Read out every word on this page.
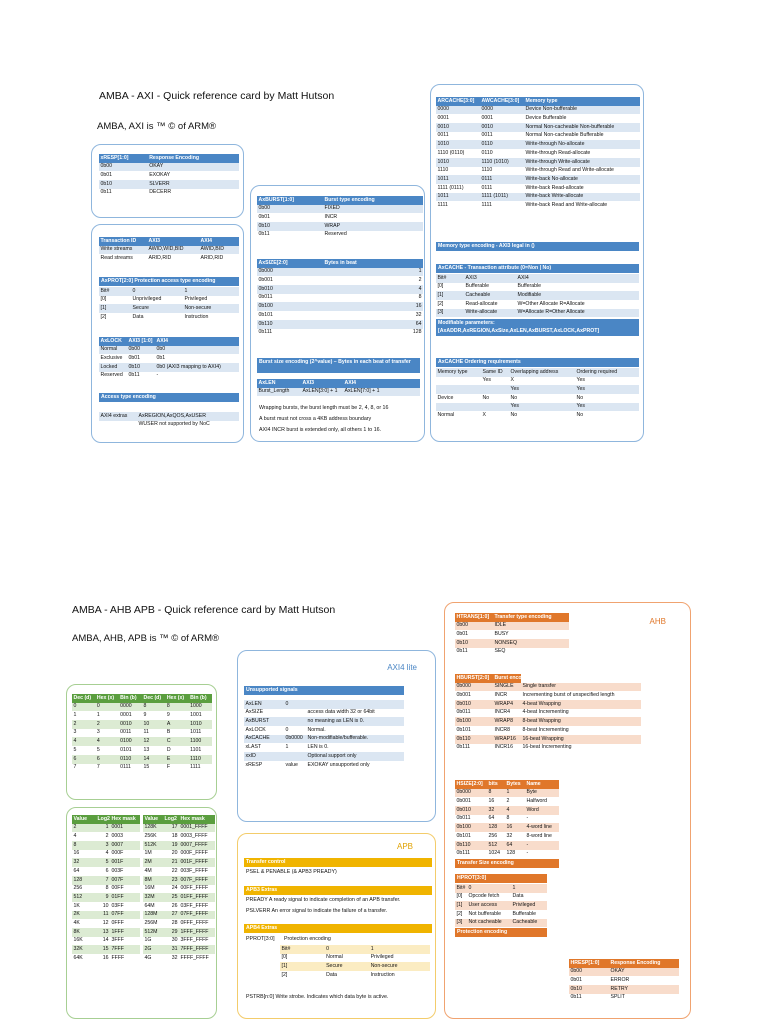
AMBA - AXI - Quick reference card by Matt Hutson
AMBA, AXI is ™ © of ARM®
xRESP[1:0]	Response Encoding
0b00	OKAY
0b01	EXOKAY
0b10	SLVERR
0b11	DECERR
Transaction ID	AXI3	AXI4
Write streams	AWID,WID,BID	AWID,BID
Read streams	ARID,RID	ARID,RID
AxPROT[2:0] Protection access type encoding
Bit#	0	1
[0]	Unprivileged	Privileged
[1]	Secure	Non-secure
[2]	Data	Instruction
AxLOCK	AXI3 [1:0]	AXI4
Normal	0b00	0b0
Exclusive	0b01	0b1
Locked	0b10	0b0 (AXI3 mapping to AXI4)
Reserved	0b11	-
Access type encoding
AXI4 extras	AxREGION,AxQOS,AxUSER
	WUSER not supported by NoC
AxBURST[1:0]	Burst type encoding
0b00	FIXED
0b01	INCR
0b10	WRAP
0b11	Reserved
AxSIZE[2:0]	Bytes in beat
0b000	1
0b001	2
0b010	4
0b011	8
0b100	16
0b101	32
0b110	64
0b111	128
Burst size encoding (2^value) – Bytes in each beat of transfer
AxLEN	AXI3	AXI4
Burst_Length	AxLEN[3:0] + 1	AxLEN[7:0] + 1
Wrapping bursts, the burst length must be 2, 4, 8, or 16
A burst must not cross a 4KB address boundary
AXI4 INCR burst is extended only, all others 1 to 16.
ARCACHE[3:0]	AWCACHE[3:0]	Memory type
0000	0000	Device Non-bufferable
0001	0001	Device Bufferable
0010	0010	Normal Non-cacheable Non-bufferable
0011	0011	Normal Non-cacheable Bufferable
1010	0110	Write-through No-allocate
1110 (0110)	0110	Write-through Read-allocate
1010	1110 (1010)	Write-through Write-allocate
1110	1110	Write-through Read and Write-allocate
1011	0111	Write-back No-allocate
1111 (0111)	0111	Write-back Read-allocate
1011	1111 (1011)	Write-back Write-allocate
1111	1111	Write-back Read and Write-allocate
Memory type encoding - AXI3 legal in ()
AxCACHE - Transaction attribute (0=Non | No)
Bit#	AXI3	AXI4
[0]	Bufferable	Bufferable
[1]	Cacheable	Modifiable
[2]	Read-allocate	W=Other Allocate R=Allocate
[3]	Write-allocate	W=Allocate R=Other Allocate
Modifiable parameters:
[AxADDR,AxREGION,AxSize,AxLEN,AxBURST,AxLOCK,AxPROT]
AxCACHE Ordering requirements
Memory type	Same ID	Overlapping address	Ordering required
	Yes	X	Yes
		Yes	Yes
Device	No	No	No
		Yes	Yes
Normal	X	No	No
AMBA - AHB APB - Quick reference card by Matt Hutson
AMBA, AHB, APB is ™ © of ARM®
Dec (d)	Hex (x)	Bin (b)	Dec (d)	Hex (x)	Bin (b)
0	0	0000	8	8	1000
1	1	0001	9	9	1001
2	2	0010	10	A	1010
3	3	0011	11	B	1011
4	4	0100	12	C	1100
5	5	0101	13	D	1101
6	6	0110	14	E	1110
7	7	0111	15	F	1111
Value	Log2	Hex mask
2	1	0001
4	2	0003
8	3	0007
16	4	000F
32	5	001F
64	6	003F
128	7	007F
256	8	00FF
512	9	01FF
1K	10	03FF
2K	11	07FF
4K	12	0FFF
8K	13	1FFF
16K	14	3FFF
32K	15	7FFF
64K	16	FFFF
Value	Log2	Hex mask
128K	17	0001_FFFF
256K	18	0003_FFFF
512K	19	0007_FFFF
1M	20	000F_FFFF
2M	21	001F_FFFF
4M	22	003F_FFFF
8M	23	007F_FFFF
16M	24	00FF_FFFF
32M	25	01FF_FFFF
64M	26	03FF_FFFF
128M	27	07FF_FFFF
256M	28	0FFF_FFFF
512M	29	1FFF_FFFF
1G	30	3FFF_FFFF
2G	31	7FFF_FFFF
4G	32	FFFF_FFFF
AXI4 lite
Unsupported signals
AxLEN	0	
AxSIZE		access data width 32 or 64bit
AxBURST		no meaning as LEN is 0.
AxLOCK	0	Normal.
AxCACHE	0b0000	Non-modifiable/bufferable.
xLAST	1	LEN is 0.
xxID		Optional support only
xRESP	value	EXOKAY unsupported only
APB
Transfer control
PSEL & PENABLE (& APB3 PREADY)
APB3 Extras
PREADY A ready signal to indicate completion of an APB transfer.
PSLVERR An error signal to indicate the failure of a transfer.
APB4 Extras
PPROT[3:0] Protection encoding
Bit#	0	1
[0]	Normal	Privileged
[1]	Secure	Non-secure
[2]	Data	Instruction
PSTRB[n:0] Write strobe. Indicates which data byte is active.
AHB
HTRANS[1:0]	Transfer type encoding
0b00	IDLE
0b01	BUSY
0b10	NONSEQ
0b11	SEQ
HBURST[2:0]	Burst encoding	
0b000	SINGLE	Single transfer
0b001	INCR	Incrementing burst of unspecified length
0b010	WRAP4	4-beat Wrapping
0b011	INCR4	4-beat Incrementing
0b100	WRAP8	8-beat Wrapping
0b101	INCR8	8-beat Incrementing
0b110	WRAP16	16-beat Wrapping
0b111	INCR16	16-beat Incrementing
HSIZE[2:0]	bits	Bytes	Name
0b000	8	1	Byte
0b001	16	2	Halfword
0b010	32	4	Word
0b011	64	8	-
0b100	128	16	4-word line
0b101	256	32	8-word line
0b110	512	64	-
0b111	1024	128	-
Transfer Size encoding
HPROT[3:0]
Bit#	0	1
[0]	Opcode fetch	Data
[1]	User access	Privileged
[2]	Not bufferable	Bufferable
[3]	Not cacheable	Cacheable
Protection encoding
HRESP[1:0]	Response Encoding
0b00	OKAY
0b01	ERROR
0b10	RETRY
0b11	SPLIT
